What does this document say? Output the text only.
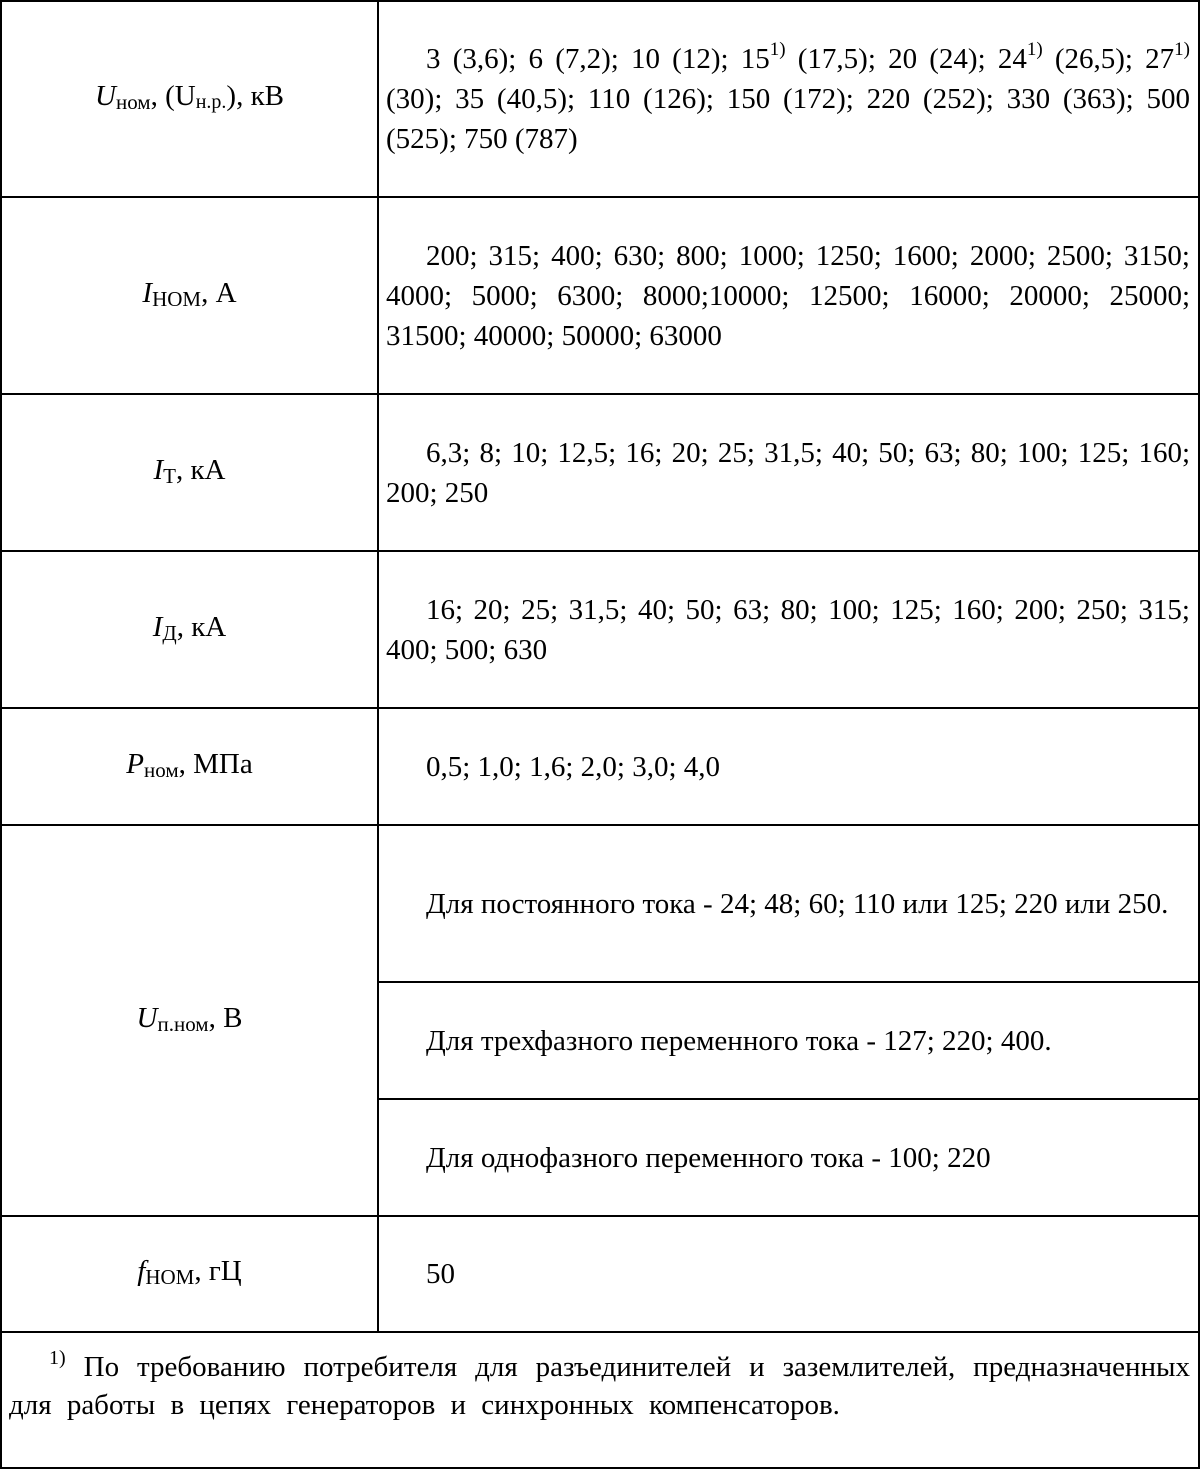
Uном, (Uн.р.), кВ	3 (3,6); 6 (7,2); 10 (12); 15$^{1)}$ (17,5); 20 (24); 24$^{1)}$ (26,5); 27$^{1)}$ (30); 35 (40,5); 110 (126); 150 (172); 220 (252); 330 (363); 500 (525); 750 (787)

IНОМ, А	200; 315; 400; 630; 800; 1000; 1250; 1600; 2000; 2500; 3150; 4000; 5000; 6300; 8000;10000; 12500; 16000; 20000; 25000; 31500; 40000; 50000; 63000

IТ, кА	6,3; 8; 10; 12,5; 16; 20; 25; 31,5; 40; 50; 63; 80; 100; 125; 160; 200; 250

IД, кА	16; 20; 25; 31,5; 40; 50; 63; 80; 100; 125; 160; 200; 250; 315; 400; 500; 630

Pном, МПа	0,5; 1,0; 1,6; 2,0; 3,0; 4,0

Uп.ном, В	Для постоянного тока - 24; 48; 60; 110 или 125; 220 или 250.

	Для трехфазного переменного тока - 127; 220; 400.

	Для однофазного переменного тока - 100; 220

fНОМ, гЦ	50

$^{1)}$ По требованию потребителя для разъединителей и заземлителей, предназначенных для работы в цепях генераторов и синхронных компенсаторов.	
